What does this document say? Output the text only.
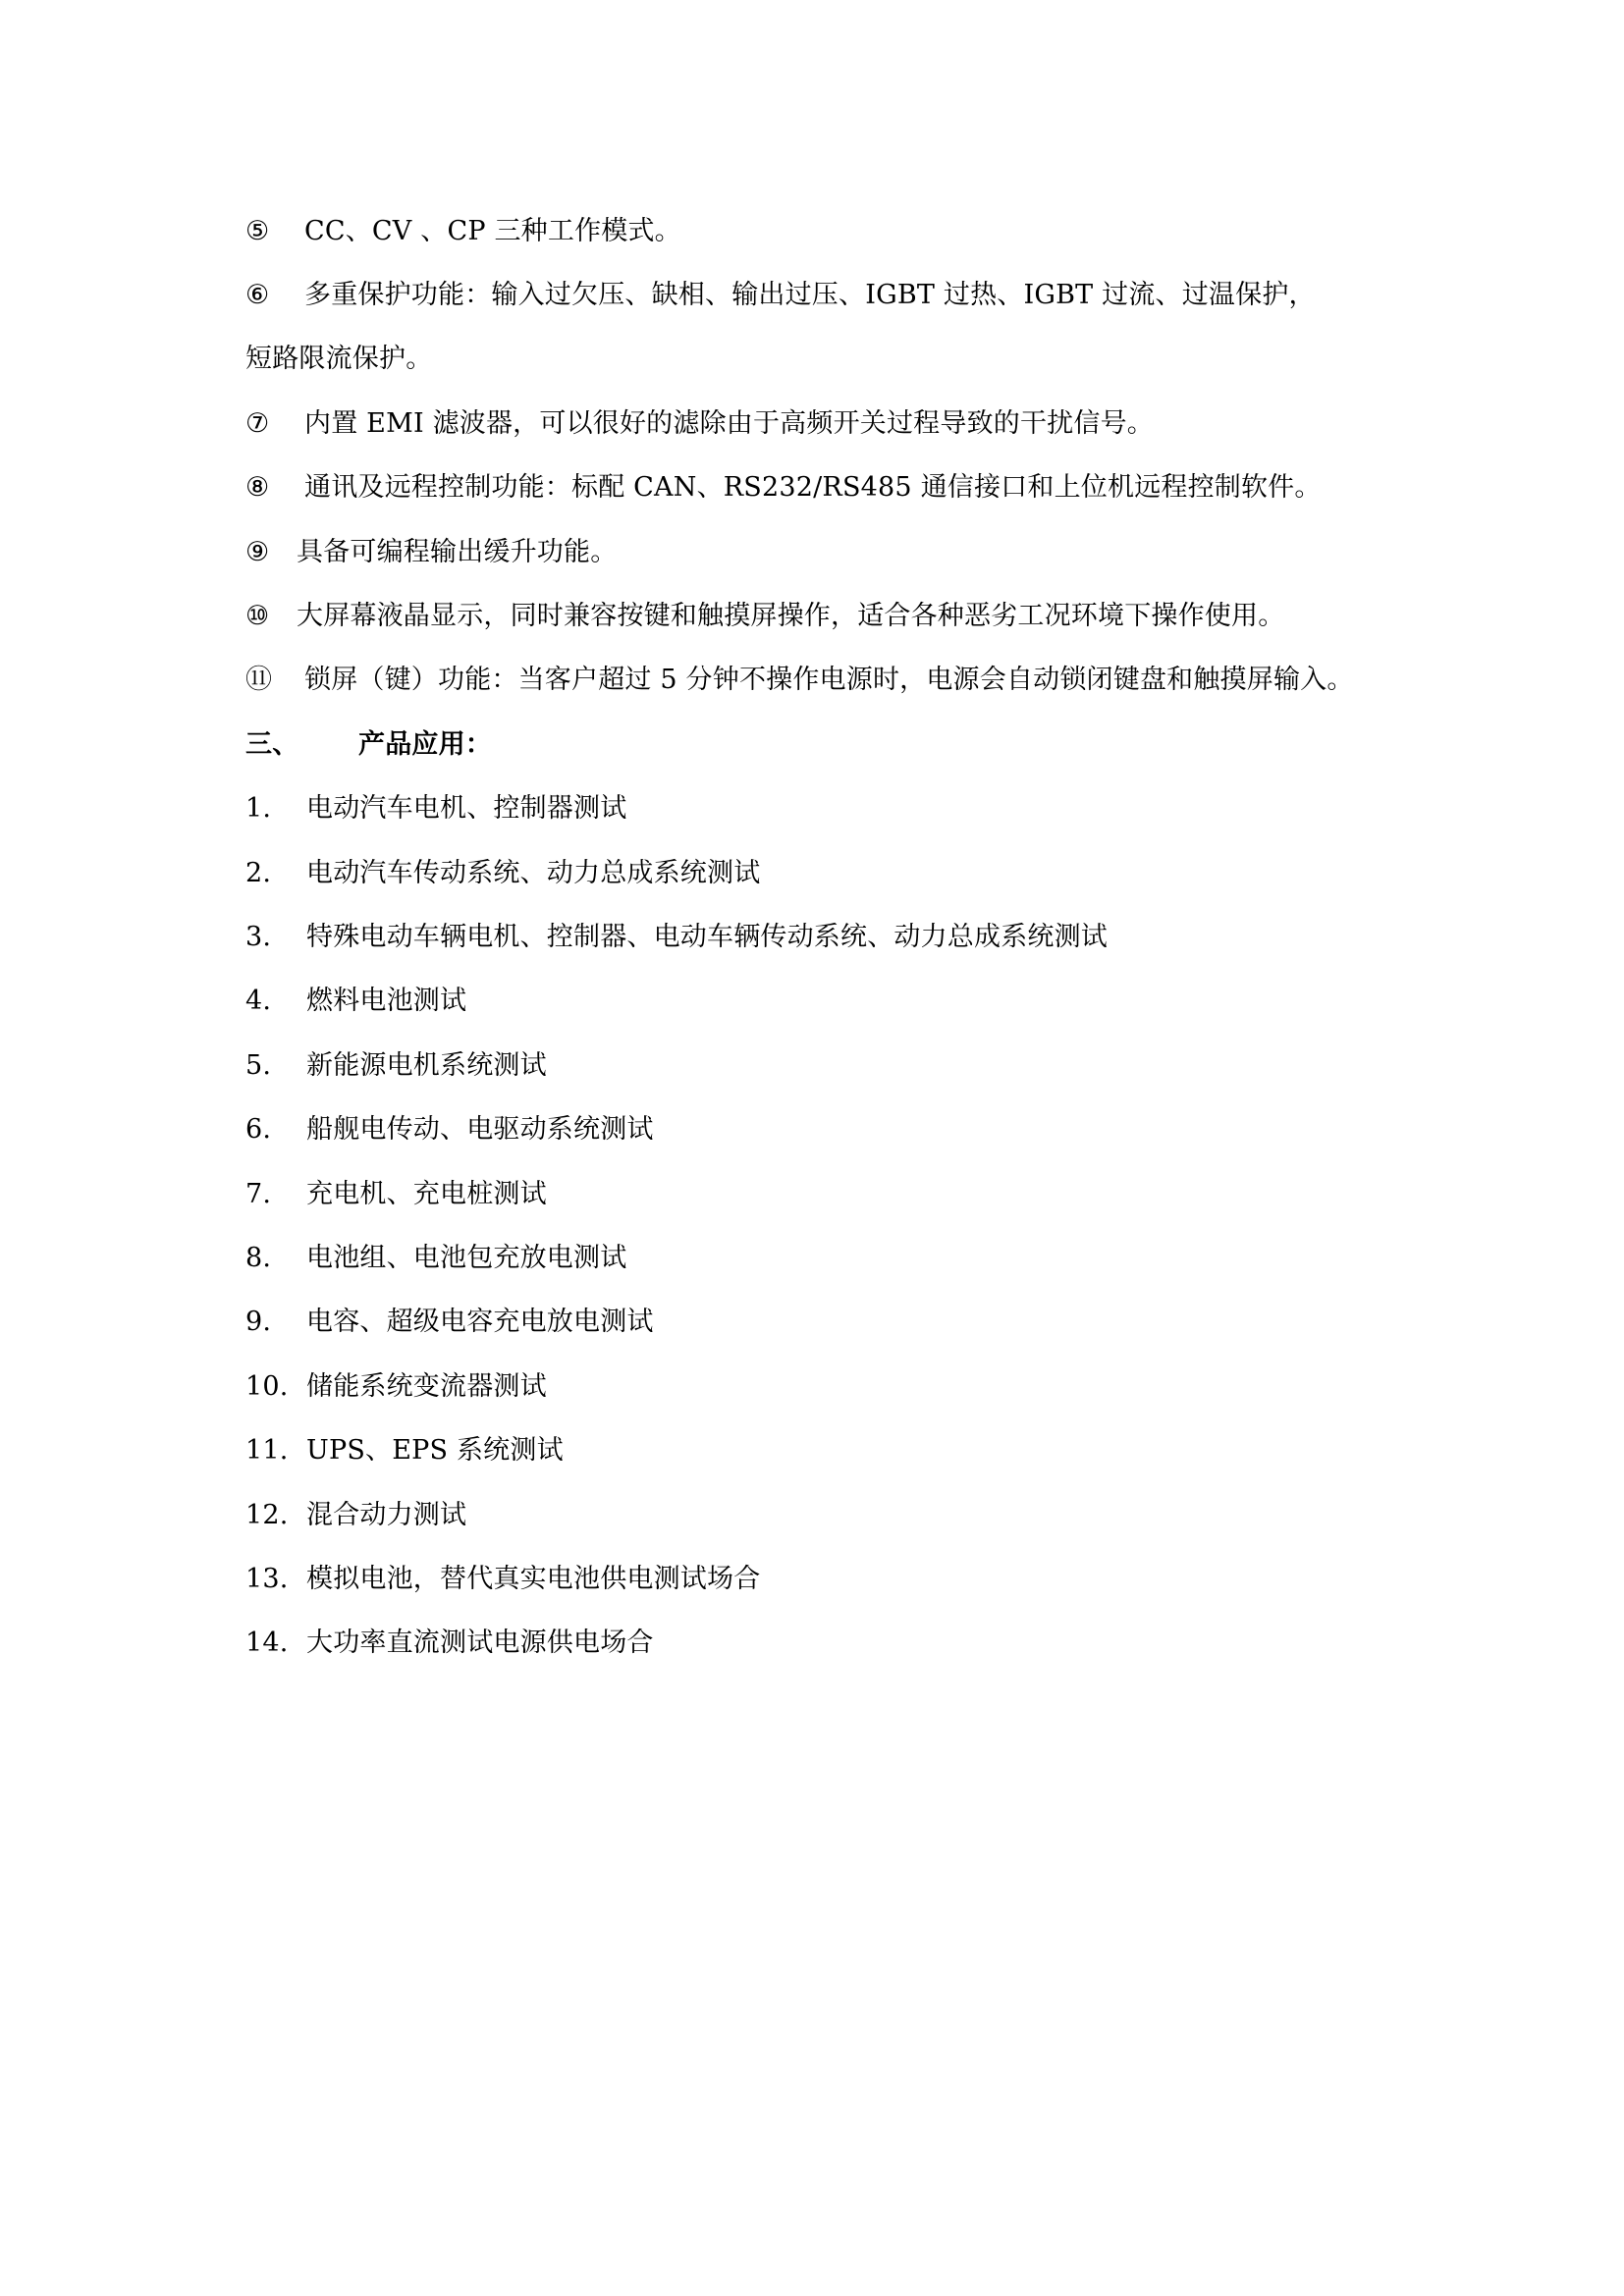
⑤ CC、CV 、CP 三种工作模式。
⑥ 多重保护功能：输入过欠压、缺相、输出过压、IGBT 过热、IGBT 过流、过温保护，
短路限流保护。
⑦ 内置 EMI 滤波器，可以很好的滤除由于高频开关过程导致的干扰信号。
⑧ 通讯及远程控制功能：标配 CAN、RS232/RS485 通信接口和上位机远程控制软件。
⑨ 具备可编程输出缓升功能。
⑩ 大屏幕液晶显示，同时兼容按键和触摸屏操作，适合各种恶劣工况环境下操作使用。
⑪ 锁屏（键）功能：当客户超过 5 分钟不操作电源时，电源会自动锁闭键盘和触摸屏输入。
三、 产品应用：
1. 电动汽车电机、控制器测试
2. 电动汽车传动系统、动力总成系统测试
3. 特殊电动车辆电机、控制器、电动车辆传动系统、动力总成系统测试
4. 燃料电池测试
5. 新能源电机系统测试
6. 船舰电传动、电驱动系统测试
7. 充电机、充电桩测试
8. 电池组、电池包充放电测试
9. 电容、超级电容充电放电测试
10. 储能系统变流器测试
11. UPS、EPS 系统测试
12. 混合动力测试
13. 模拟电池，替代真实电池供电测试场合
14. 大功率直流测试电源供电场合
